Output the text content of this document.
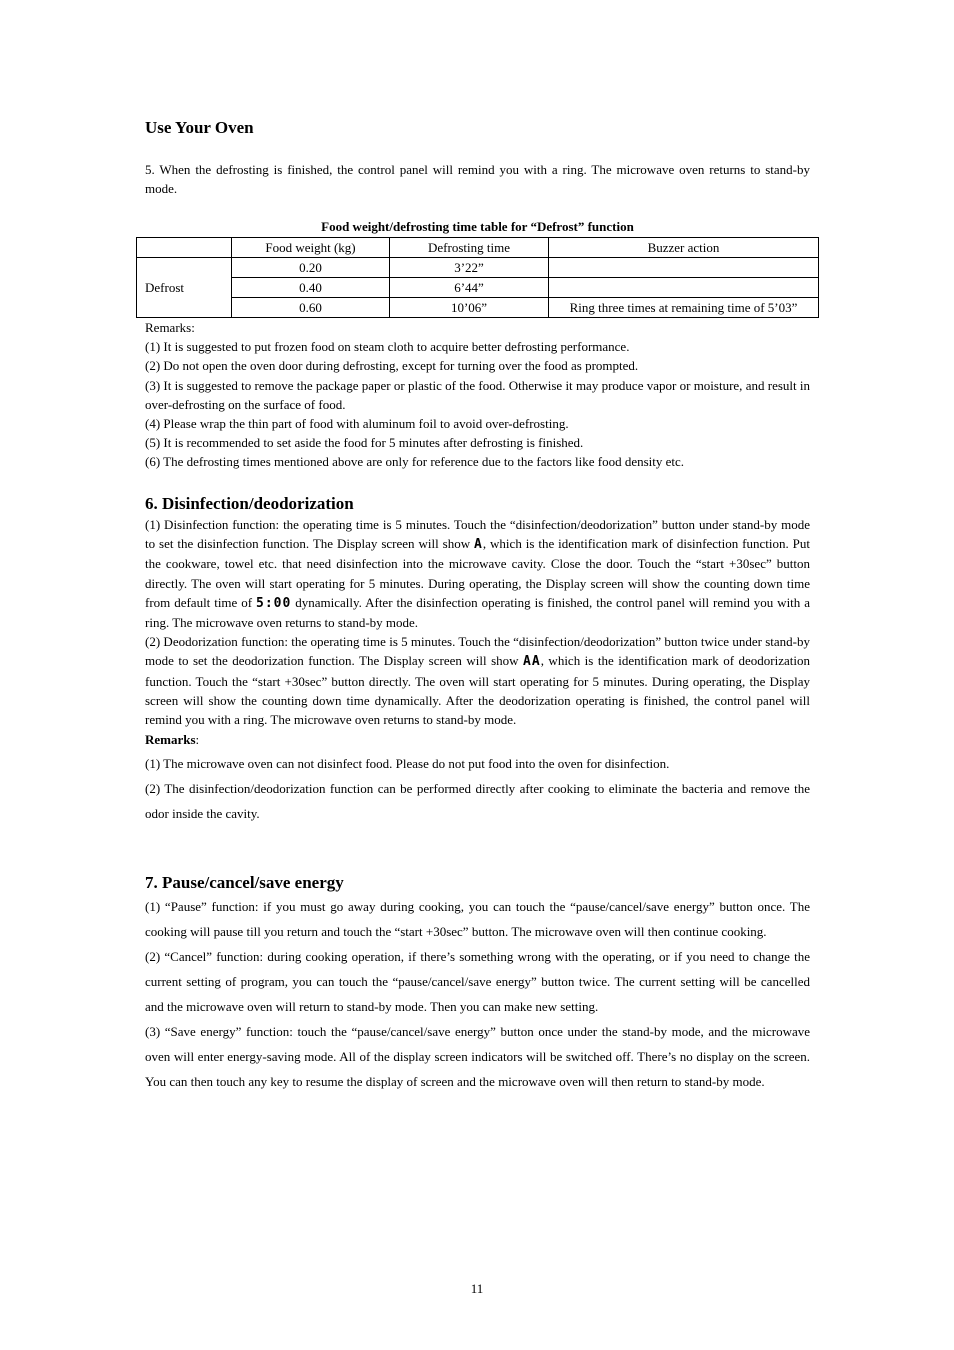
Use Your Oven

5. When the defrosting is finished, the control panel will remind you with a ring. The microwave oven returns to stand-by mode.

Food weight/defrosting time table for “Defrost” function
	Food weight (kg)	Defrosting time	Buzzer action
Defrost	0.20	3’22”	
	0.40	6’44”	
	0.60	10’06”	Ring three times at remaining time of 5’03”

Remarks:

(1) It is suggested to put frozen food on steam cloth to acquire better defrosting performance.

(2) Do not open the oven door during defrosting, except for turning over the food as prompted.

(3) It is suggested to remove the package paper or plastic of the food. Otherwise it may produce vapor or moisture, and result in over-defrosting on the surface of food.

(4) Please wrap the thin part of food with aluminum foil to avoid over-defrosting.

(5) It is recommended to set aside the food for 5 minutes after defrosting is finished.

(6) The defrosting times mentioned above are only for reference due to the factors like food density etc.

6. Disinfection/deodorization

(1) Disinfection function: the operating time is 5 minutes. Touch the “disinfection/deodorization” button under stand-by mode to set the disinfection function. The Display screen will show A, which is the identification mark of disinfection function. Put the cookware, towel etc. that need disinfection into the microwave cavity. Close the door. Touch the “start +30sec” button directly. The oven will start operating for 5 minutes. During operating, the Display screen will show the counting down time from default time of 5:00 dynamically. After the disinfection operating is finished, the control panel will remind you with a ring. The microwave oven returns to stand-by mode.

(2) Deodorization function: the operating time is 5 minutes. Touch the “disinfection/deodorization” button twice under stand-by mode to set the deodorization function. The Display screen will show AA, which is the identification mark of deodorization function. Touch the “start +30sec” button directly. The oven will start operating for 5 minutes. During operating, the Display screen will show the counting down time dynamically. After the deodorization operating is finished, the control panel will remind you with a ring. The microwave oven returns to stand-by mode.

Remarks:

(1) The microwave oven can not disinfect food. Please do not put food into the oven for disinfection.

(2) The disinfection/deodorization function can be performed directly after cooking to eliminate the bacteria and remove the odor inside the cavity.

7. Pause/cancel/save energy

(1) “Pause” function: if you must go away during cooking, you can touch the “pause/cancel/save energy” button once. The cooking will pause till you return and touch the “start +30sec” button. The microwave oven will then continue cooking.

(2) “Cancel” function: during cooking operation, if there’s something wrong with the operating, or if you need to change the current setting of program, you can touch the “pause/cancel/save energy” button twice. The current setting will be cancelled and the microwave oven will return to stand-by mode. Then you can make new setting.

(3) “Save energy” function: touch the “pause/cancel/save energy” button once under the stand-by mode, and the microwave oven will enter energy-saving mode. All of the display screen indicators will be switched off. There’s no display on the screen. You can then touch any key to resume the display of screen and the microwave oven will then return to stand-by mode.

11
